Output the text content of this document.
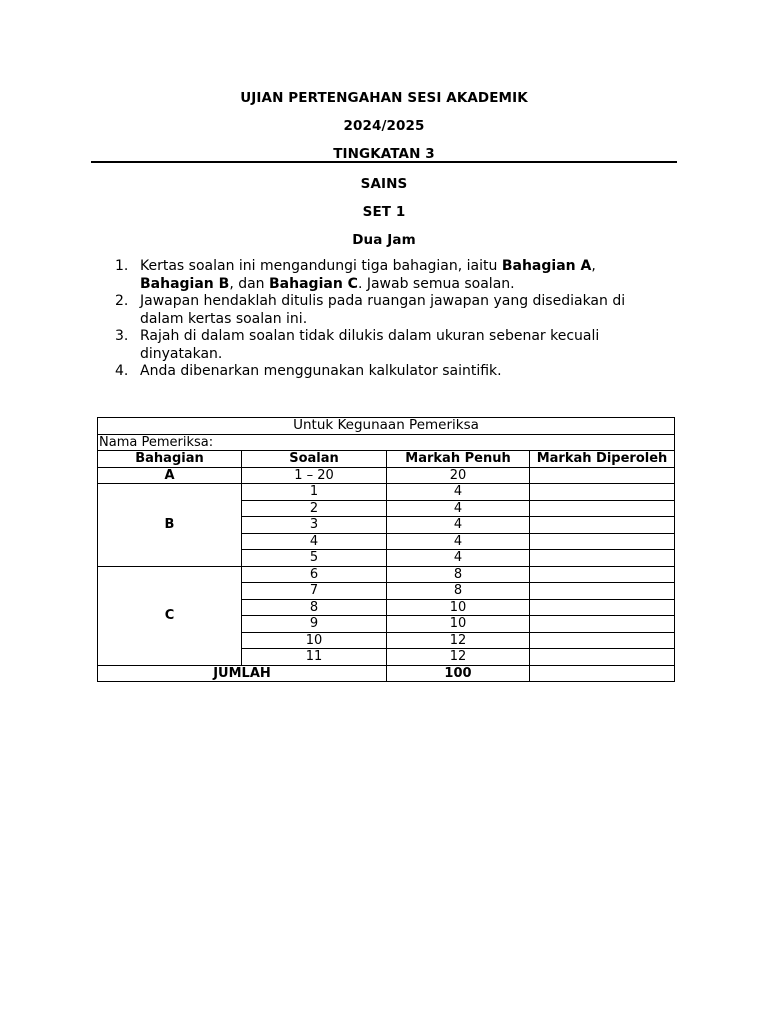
UJIAN PERTENGAHAN SESI AKADEMIK
2024/2025
TINGKATAN 3
SAINS
SET 1
Dua Jam
1. Kertas soalan ini mengandungi tiga bahagian, iaitu Bahagian A, Bahagian B, dan Bahagian C. Jawab semua soalan.
2. Jawapan hendaklah ditulis pada ruangan jawapan yang disediakan di dalam kertas soalan ini.
3. Rajah di dalam soalan tidak dilukis dalam ukuran sebenar kecuali dinyatakan.
4. Anda dibenarkan menggunakan kalkulator saintifik.
Untuk Kegunaan Pemeriksa			
Nama Pemeriksa:			
Bahagian	Soalan	Markah Penuh	Markah Diperoleh
A	1 – 20	20	
B	1	4	
	2	4	
	3	4	
	4	4	
	5	4	
C	6	8	
	7	8	
	8	10	
	9	10	
	10	12	
	11	12	
JUMLAH		100	
